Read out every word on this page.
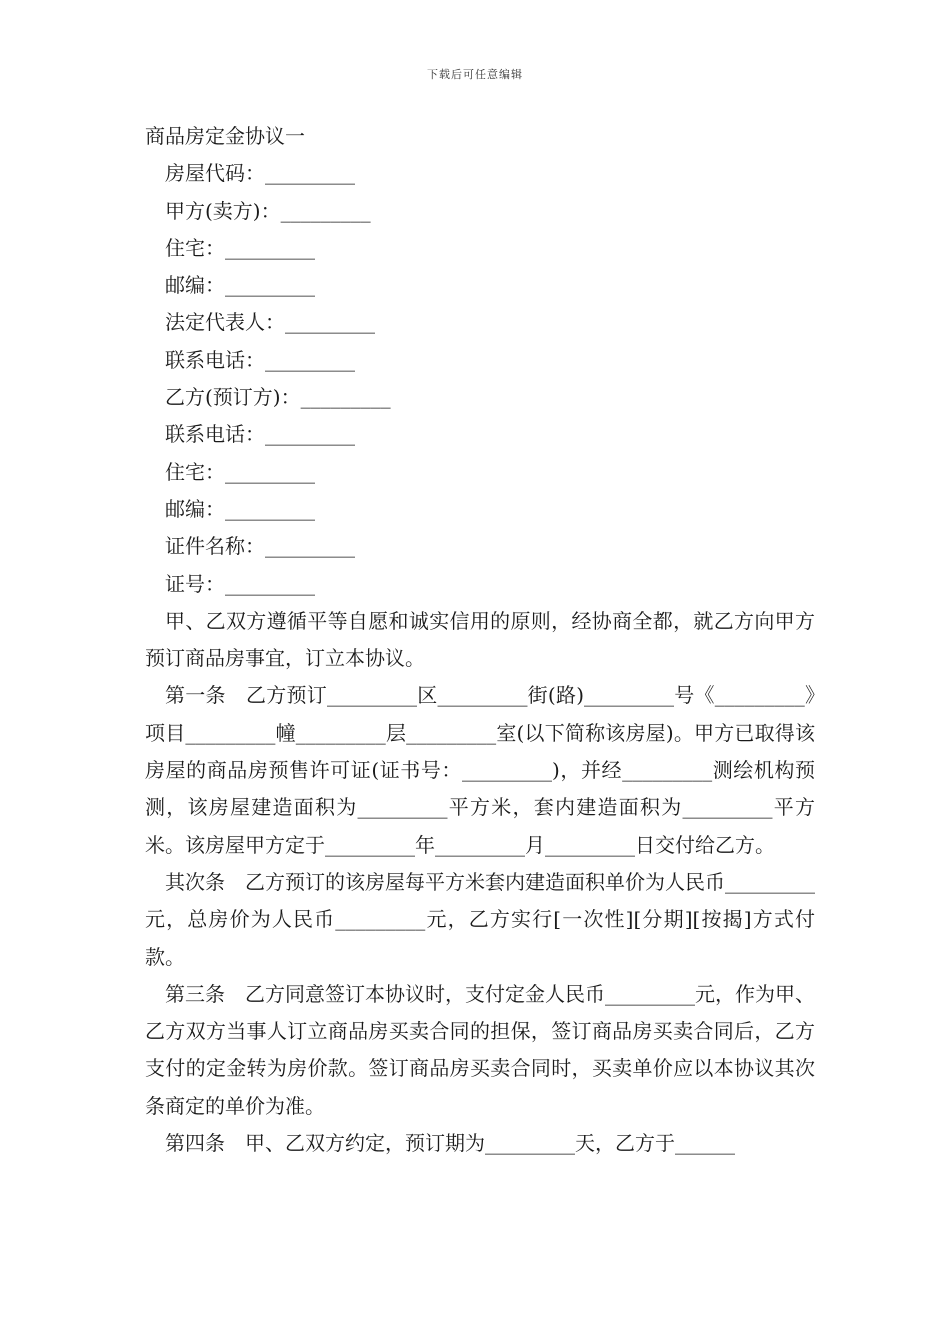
下载后可任意编辑
商品房定金协议一
房屋代码：_________
甲方(卖方)：_________
住宅：_________
邮编：_________
法定代表人：_________
联系电话：_________
乙方(预订方)：_________
联系电话：_________
住宅：_________
邮编：_________
证件名称：_________
证号：_________

甲、乙双方遵循平等自愿和诚实信用的原则，经协商全都，就乙方向甲方预订商品房事宜，订立本协议。

第一条　乙方预订_________区_________街(路)_________号《_________》项目_________幢_________层_________室(以下简称该房屋)。甲方已取得该房屋的商品房预售许可证(证书号：_________)，并经_________测绘机构预测，该房屋建造面积为_________平方米，套内建造面积为_________平方米。该房屋甲方定于_________年_________月_________日交付给乙方。

其次条　乙方预订的该房屋每平方米套内建造面积单价为人民币_________元，总房价为人民币_________元，乙方实行[一次性][分期][按揭]方式付款。

第三条　乙方同意签订本协议时，支付定金人民币_________元，作为甲、乙方双方当事人订立商品房买卖合同的担保，签订商品房买卖合同后，乙方支付的定金转为房价款。签订商品房买卖合同时，买卖单价应以本协议其次条商定的单价为准。

第四条　甲、乙双方约定，预订期为_________天，乙方于______
